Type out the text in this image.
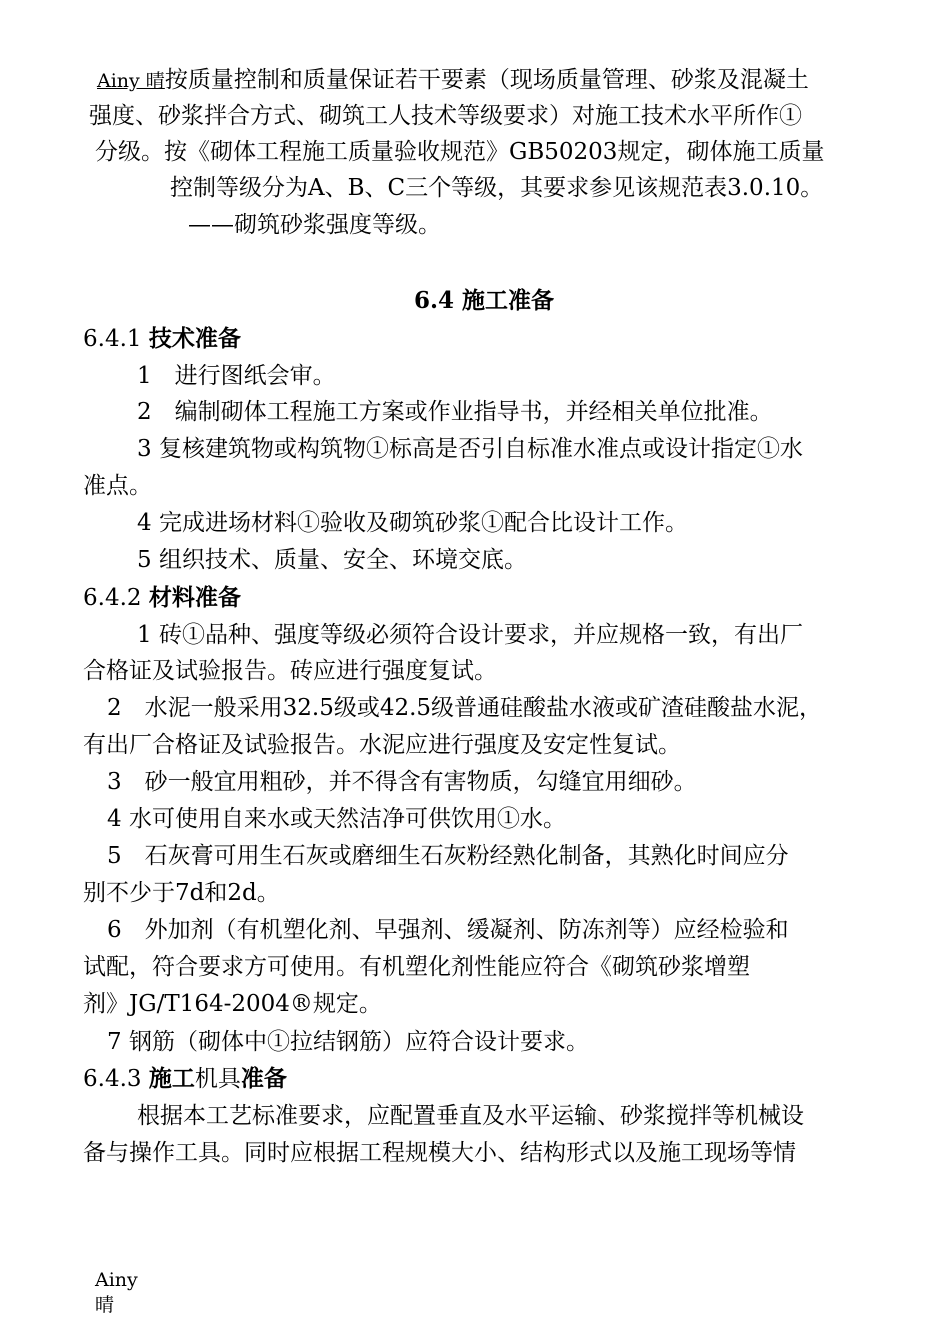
Ainy 晴按质量控制和质量保证若干要素（现场质量管理、砂浆及混凝土
强度、砂浆拌合方式、砌筑工人技术等级要求）对施工技术水平所作①
分级。按《砌体工程施工质量验收规范》GB50203规定，砌体施工质量
控制等级分为A、B、C三个等级，其要求参见该规范表3.0.10。
——砌筑砂浆强度等级。
6.4 施工准备
6.4.1 技术准备
1　进行图纸会审。
2　编制砌体工程施工方案或作业指导书，并经相关单位批准。
3 复核建筑物或构筑物①标高是否引自标准水准点或设计指定①水
准点。
4 完成进场材料①验收及砌筑砂浆①配合比设计工作。
5 组织技术、质量、安全、环境交底。
6.4.2 材料准备
1 砖①品种、强度等级必须符合设计要求，并应规格一致，有出厂
合格证及试验报告。砖应进行强度复试。
2　水泥一般采用32.5级或42.5级普通硅酸盐水液或矿渣硅酸盐水泥，
有出厂合格证及试验报告。水泥应进行强度及安定性复试。
3　砂一般宜用粗砂，并不得含有害物质，勾缝宜用细砂。
4 水可使用自来水或天然洁净可供饮用①水。
5　石灰膏可用生石灰或磨细生石灰粉经熟化制备，其熟化时间应分
别不少于7d和2d。
6　外加剂（有机塑化剂、早强剂、缓凝剂、防冻剂等）应经检验和
试配，符合要求方可使用。有机塑化剂性能应符合《砌筑砂浆增塑
剂》JG/T164-2004®规定。
7 钢筋（砌体中①拉结钢筋）应符合设计要求。
6.4.3 施工机具准备
根据本工艺标准要求，应配置垂直及水平运输、砂浆搅拌等机械设
备与操作工具。同时应根据工程规模大小、结构形式以及施工现场等情
Ainy
晴
